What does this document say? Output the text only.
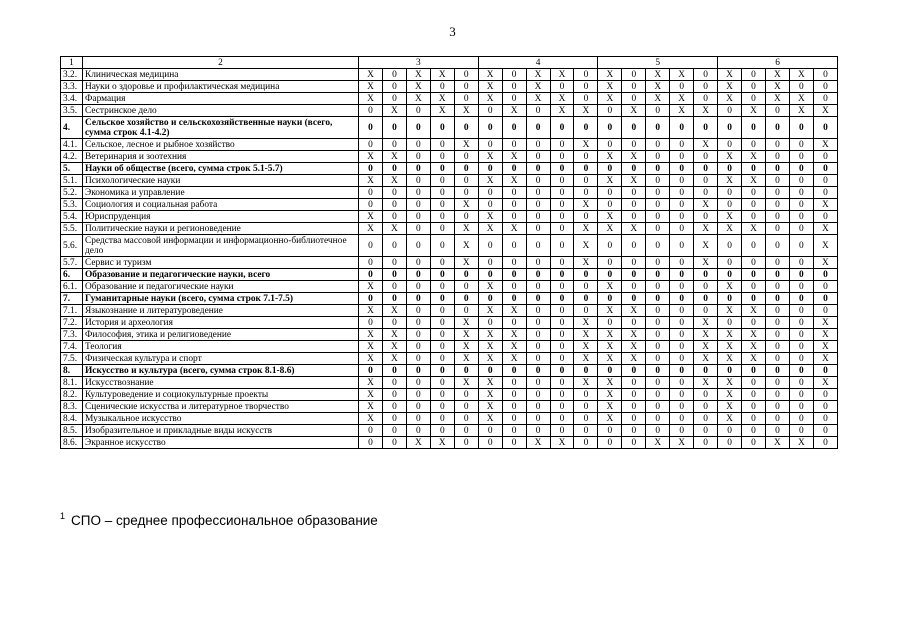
3
1	2	3					4					5					6				
3.2.	Клиническая медицина	X	0	X	X	0	X	0	X	X	0	X	0	X	X	0	X	0	X	X	0
3.3.	Науки о здоровье и профилактическая медицина	X	0	X	0	0	X	0	X	0	0	X	0	X	0	0	X	0	X	0	0
3.4.	Фармация	X	0	X	X	0	X	0	X	X	0	X	0	X	X	0	X	0	X	X	0
3.5.	Сестринское дело	0	X	0	X	X	0	X	0	X	X	0	X	0	X	X	0	X	0	X	X
4.	Сельское хозяйство и сельскохозяйственные науки (всего, сумма строк 4.1-4.2)	0	0	0	0	0	0	0	0	0	0	0	0	0	0	0	0	0	0	0	0
4.1.	Сельское, лесное и рыбное хозяйство	0	0	0	0	X	0	0	0	0	X	0	0	0	0	X	0	0	0	0	X
4.2.	Ветеринария и зоотехния	X	X	0	0	0	X	X	0	0	0	X	X	0	0	0	X	X	0	0	0
5.	Науки об обществе (всего, сумма строк 5.1-5.7)	0	0	0	0	0	0	0	0	0	0	0	0	0	0	0	0	0	0	0	0
5.1.	Психологические науки	X	X	0	0	0	X	X	0	0	0	X	X	0	0	0	X	X	0	0	0
5.2.	Экономика и управление	0	0	0	0	0	0	0	0	0	0	0	0	0	0	0	0	0	0	0	0
5.3.	Социология и социальная работа	0	0	0	0	X	0	0	0	0	X	0	0	0	0	X	0	0	0	0	X
5.4.	Юриспруденция	X	0	0	0	0	X	0	0	0	0	X	0	0	0	0	X	0	0	0	0
5.5.	Политические науки и регионоведение	X	X	0	0	X	X	X	0	0	X	X	X	0	0	X	X	X	0	0	X
5.6.	Средства массовой информации и информационно-библиотечное дело	0	0	0	0	X	0	0	0	0	X	0	0	0	0	X	0	0	0	0	X
5.7.	Сервис и туризм	0	0	0	0	X	0	0	0	0	X	0	0	0	0	X	0	0	0	0	X
6.	Образование и педагогические науки, всего	0	0	0	0	0	0	0	0	0	0	0	0	0	0	0	0	0	0	0	0
6.1.	Образование и педагогические науки	X	0	0	0	0	X	0	0	0	0	X	0	0	0	0	X	0	0	0	0
7.	Гуманитарные науки (всего, сумма строк 7.1-7.5)	0	0	0	0	0	0	0	0	0	0	0	0	0	0	0	0	0	0	0	0
7.1.	Языкознание и литературоведение	X	X	0	0	0	X	X	0	0	0	X	X	0	0	0	X	X	0	0	0
7.2.	История и археология	0	0	0	0	X	0	0	0	0	X	0	0	0	0	X	0	0	0	0	X
7.3.	Философия, этика и религиоведение	X	X	0	0	X	X	X	0	0	X	X	X	0	0	X	X	X	0	0	X
7.4.	Теология	X	X	0	0	X	X	X	0	0	X	X	X	0	0	X	X	X	0	0	X
7.5.	Физическая культура и спорт	X	X	0	0	X	X	X	0	0	X	X	X	0	0	X	X	X	0	0	X
8.	Искусство и культура (всего, сумма строк 8.1-8.6)	0	0	0	0	0	0	0	0	0	0	0	0	0	0	0	0	0	0	0	0
8.1.	Искусствознание	X	0	0	0	X	X	0	0	0	X	X	0	0	0	X	X	0	0	0	X
8.2.	Культуроведение и социокультурные проекты	X	0	0	0	0	X	0	0	0	0	X	0	0	0	0	X	0	0	0	0
8.3.	Сценические искусства и литературное творчество	X	0	0	0	0	X	0	0	0	0	X	0	0	0	0	X	0	0	0	0
8.4.	Музыкальное искусство	X	0	0	0	0	X	0	0	0	0	X	0	0	0	0	X	0	0	0	0
8.5.	Изобразительное и прикладные виды искусств	0	0	0	0	0	0	0	0	0	0	0	0	0	0	0	0	0	0	0	0
8.6.	Экранное искусство	0	0	X	X	0	0	0	X	X	0	0	0	X	X	0	0	0	X	X	0
$^1$ СПО – среднее профессиональное образование
